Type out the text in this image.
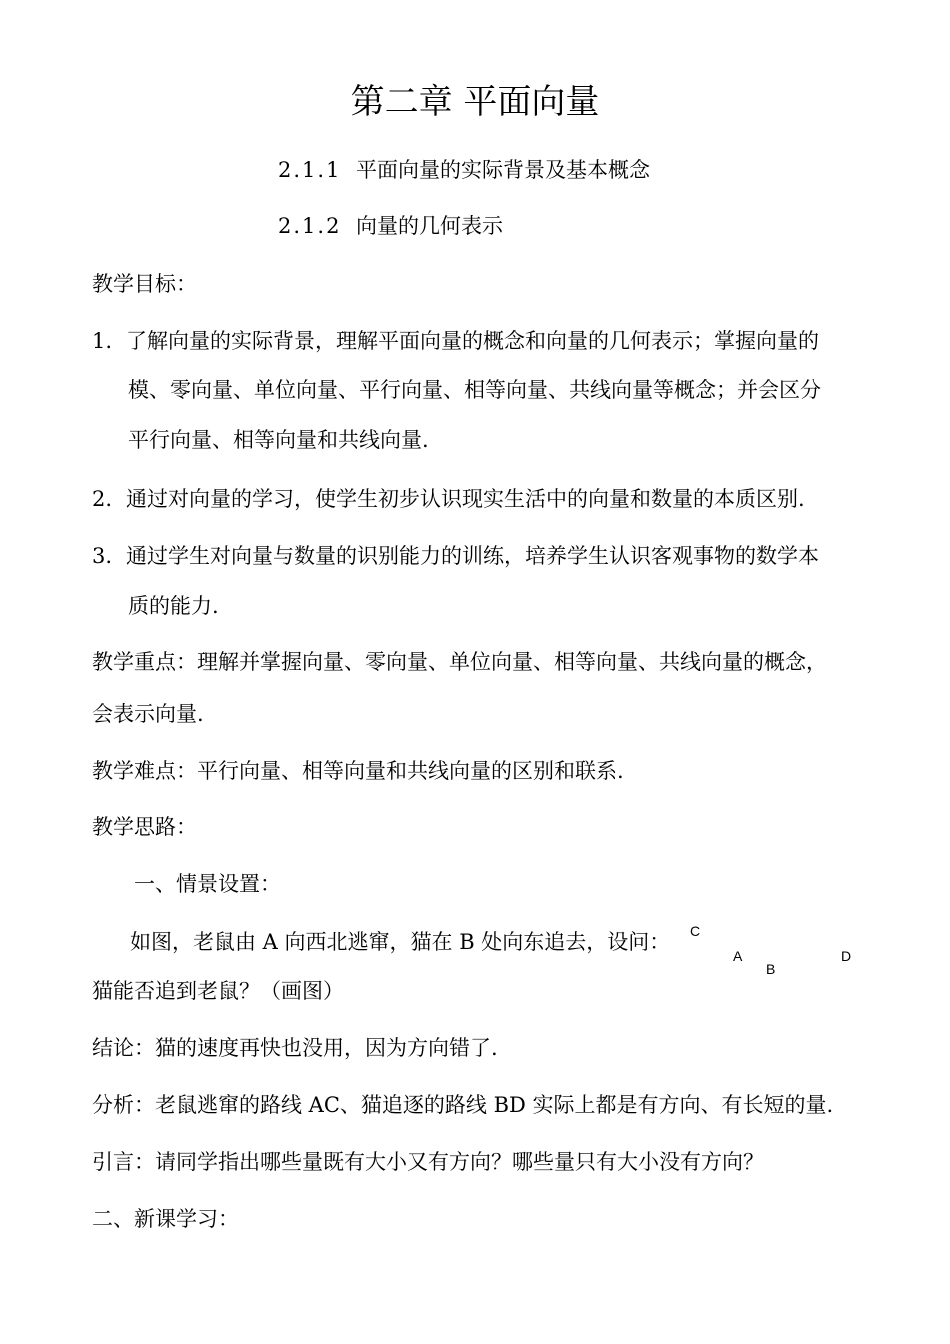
第二章 平面向量
2.1.1 平面向量的实际背景及基本概念
2.1.2 向量的几何表示
教学目标：
1. 了解向量的实际背景，理解平面向量的概念和向量的几何表示；掌握向量的
模、零向量、单位向量、平行向量、相等向量、共线向量等概念；并会区分
平行向量、相等向量和共线向量.
2. 通过对向量的学习，使学生初步认识现实生活中的向量和数量的本质区别.
3. 通过学生对向量与数量的识别能力的训练，培养学生认识客观事物的数学本
质的能力.
教学重点：理解并掌握向量、零向量、单位向量、相等向量、共线向量的概念，
会表示向量.
教学难点：平行向量、相等向量和共线向量的区别和联系.
教学思路：
一、情景设置：
如图，老鼠由 A 向西北逃窜，猫在 B 处向东追去，设问：
猫能否追到老鼠？（画图）
C
A
B
D
结论：猫的速度再快也没用，因为方向错了.
分析：老鼠逃窜的路线 AC、猫追逐的路线 BD 实际上都是有方向、有长短的量.
引言：请同学指出哪些量既有大小又有方向？哪些量只有大小没有方向？
二、新课学习：
